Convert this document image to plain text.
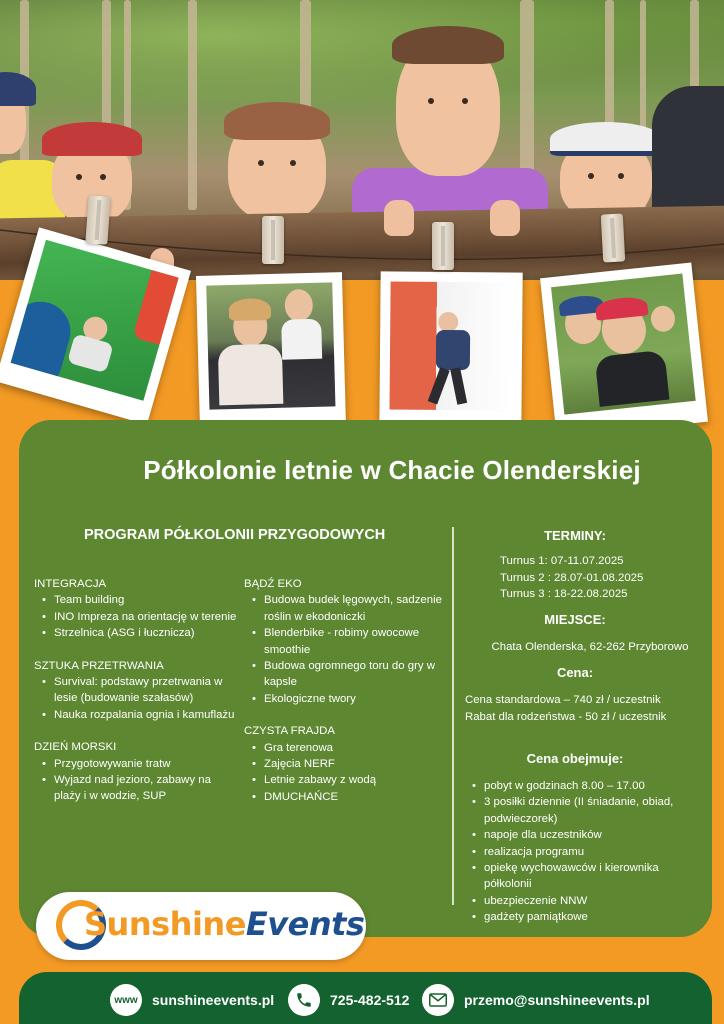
Półkolonie letnie w Chacie Olenderskiej
PROGRAM PÓŁKOLONII PRZYGODOWYCH
INTEGRACJA
• Team building
• INO Impreza na orientację w terenie
• Strzelnica (ASG i łucznicza)
SZTUKA PRZETRWANIA
• Survival: podstawy przetrwania w lesie (budowanie szałasów)
• Nauka rozpalania ognia i kamuflażu
DZIEŃ MORSKI
• Przygotowywanie tratw
• Wyjazd nad jezioro, zabawy na plaży i w wodzie, SUP
BĄDŹ EKO
• Budowa budek lęgowych, sadzenie roślin w ekodoniczki
• Blenderbike - robimy owocowe smoothie
• Budowa ogromnego toru do gry w kapsle
• Ekologiczne twory
CZYSTA FRAJDA
• Gra terenowa
• Zajęcia NERF
• Letnie zabawy z wodą
• DMUCHAŃCE
TERMINY:
Turnus 1: 07-11.07.2025
Turnus 2 : 28.07-01.08.2025
Turnus 3 : 18-22.08.2025
MIEJSCE:
Chata Olenderska, 62-262 Przyborowo
Cena:
Cena standardowa – 740 zł / uczestnik
Rabat dla rodzeństwa - 50 zł / uczestnik
Cena obejmuje:
• pobyt w godzinach 8.00 – 17.00
• 3 posiłki dziennie (II śniadanie, obiad, podwieczorek)
• napoje dla uczestników
• realizacja programu
• opiekę wychowawców i kierownika półkolonii
• ubezpieczenie NNW
• gadżety pamiątkowe
SunshineEvents
www	sunshineevents.pl	725-482-512	przemo@sunshineevents.pl
